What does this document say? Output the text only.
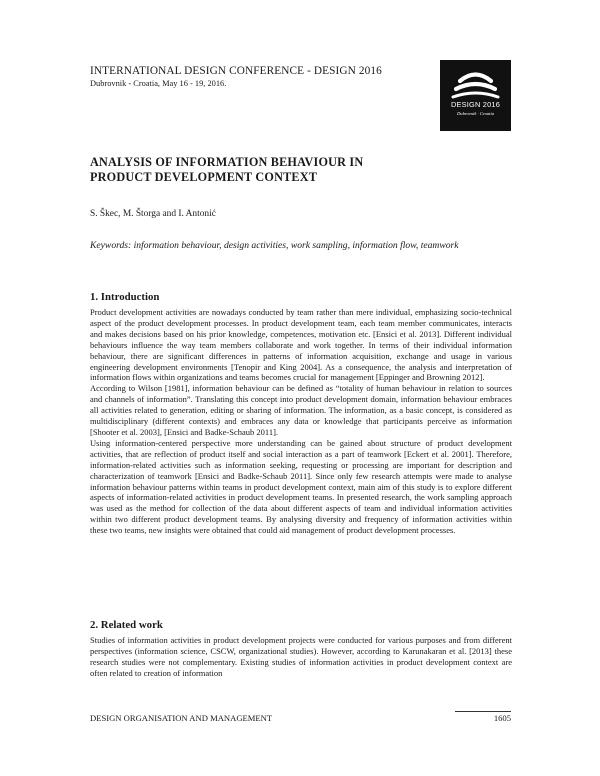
INTERNATIONAL DESIGN CONFERENCE - DESIGN 2016
Dubrovnik - Croatia, May 16 - 19, 2016.
DESIGN 2016
Dubrovnik · Croatia
ANALYSIS OF INFORMATION BEHAVIOUR IN PRODUCT DEVELOPMENT CONTEXT
S. Škec, M. Štorga and I. Antonić
Keywords: information behaviour, design activities, work sampling, information flow, teamwork
1. Introduction

Product development activities are nowadays conducted by team rather than mere individual, emphasizing socio-technical aspect of the product development processes. In product development team, each team member communicates, interacts and makes decisions based on his prior knowledge, competences, motivation etc. [Ensici et al. 2013]. Different individual behaviours influence the way team members collaborate and work together. In terms of their individual information behaviour, there are significant differences in patterns of information acquisition, exchange and usage in various engineering development environments [Tenopir and King 2004]. As a consequence, the analysis and interpretation of information flows within organizations and teams becomes crucial for management [Eppinger and Browning 2012].

According to Wilson [1981], information behaviour can be defined as “totality of human behaviour in relation to sources and channels of information”. Translating this concept into product development domain, information behaviour embraces all activities related to generation, editing or sharing of information. The information, as a basic concept, is considered as multidisciplinary (different contexts) and embraces any data or knowledge that participants perceive as information [Shooter et al. 2003], [Ensici and Badke-Schaub 2011].

Using information-centered perspective more understanding can be gained about structure of product development activities, that are reflection of product itself and social interaction as a part of teamwork [Eckert et al. 2001]. Therefore, information-related activities such as information seeking, requesting or processing are important for description and characterization of teamwork [Ensici and Badke-Schaub 2011]. Since only few research attempts were made to analyse information behaviour patterns within teams in product development context, main aim of this study is to explore different aspects of information-related activities in product development teams. In presented research, the work sampling approach was used as the method for collection of the data about different aspects of team and individual information activities within two different product development teams. By analysing diversity and frequency of information activities within these two teams, new insights were obtained that could aid management of product development processes.

2. Related work

Studies of information activities in product development projects were conducted for various purposes and from different perspectives (information science, CSCW, organizational studies). However, according to Karunakaran et al. [2013] these research studies were not complementary. Existing studies of information activities in product development context are often related to creation of information

DESIGN ORGANISATION AND MANAGEMENT	1605
